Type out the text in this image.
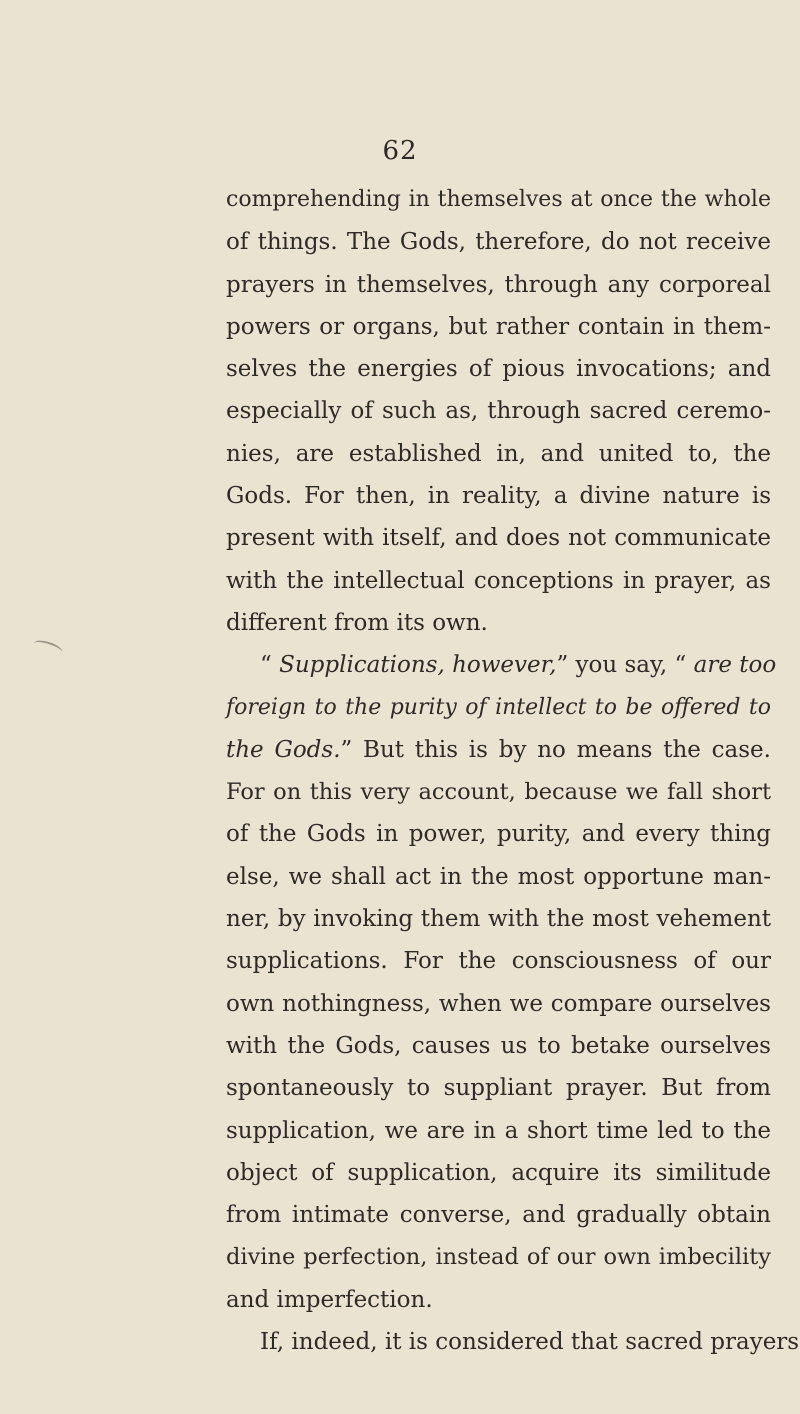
62
comprehending in themselves at once the whole
of things. The Gods, therefore, do not receive
prayers in themselves, through any corporeal
powers or organs, but rather contain in them-
selves the energies of pious invocations; and
especially of such as, through sacred ceremo-
nies, are established in, and united to, the
Gods. For then, in reality, a divine nature is
present with itself, and does not communicate
with the intellectual conceptions in prayer, as
different from its own.
“ Supplications, however,” you say, “ are too
foreign to the purity of intellect to be offered to
the Gods.” But this is by no means the case.
For on this very account, because we fall short
of the Gods in power, purity, and every thing
else, we shall act in the most opportune man-
ner, by invoking them with the most vehement
supplications. For the consciousness of our
own nothingness, when we compare ourselves
with the Gods, causes us to betake ourselves
spontaneously to suppliant prayer. But from
supplication, we are in a short time led to the
object of supplication, acquire its similitude
from intimate converse, and gradually obtain
divine perfection, instead of our own imbecility
and imperfection.
If, indeed, it is considered that sacred prayers
